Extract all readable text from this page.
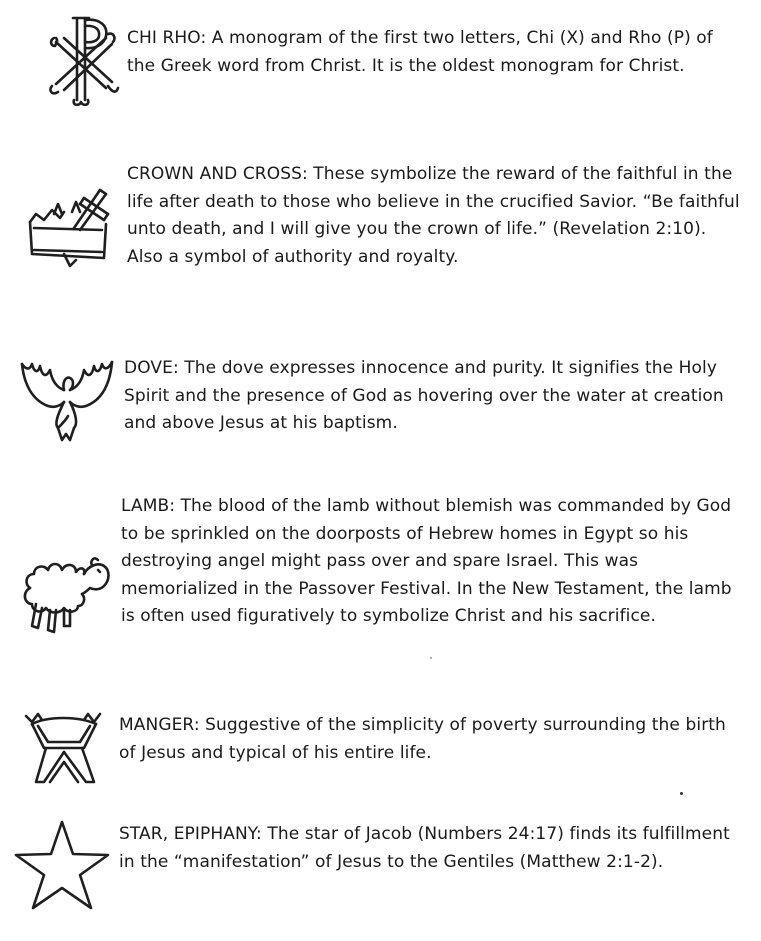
CHI RHO: A monogram of the first two letters, Chi (X) and Rho (P) of the Greek word from Christ. It is the oldest monogram for Christ.
CROWN AND CROSS: These symbolize the reward of the faithful in the life after death to those who believe in the crucified Savior. “Be faithful unto death, and I will give you the crown of life.” (Revelation 2:10). Also a symbol of authority and royalty.
DOVE: The dove expresses innocence and purity. It signifies the Holy Spirit and the presence of God as hovering over the water at creation and above Jesus at his baptism.
LAMB: The blood of the lamb without blemish was commanded by God to be sprinkled on the doorposts of Hebrew homes in Egypt so his destroying angel might pass over and spare Israel. This was memorialized in the Passover Festival. In the New Testament, the lamb is often used figuratively to symbolize Christ and his sacrifice.
MANGER: Suggestive of the simplicity of poverty surrounding the birth of Jesus and typical of his entire life.
STAR, EPIPHANY: The star of Jacob (Numbers 24:17) finds its fulfillment in the “manifestation” of Jesus to the Gentiles (Matthew 2:1-2).
